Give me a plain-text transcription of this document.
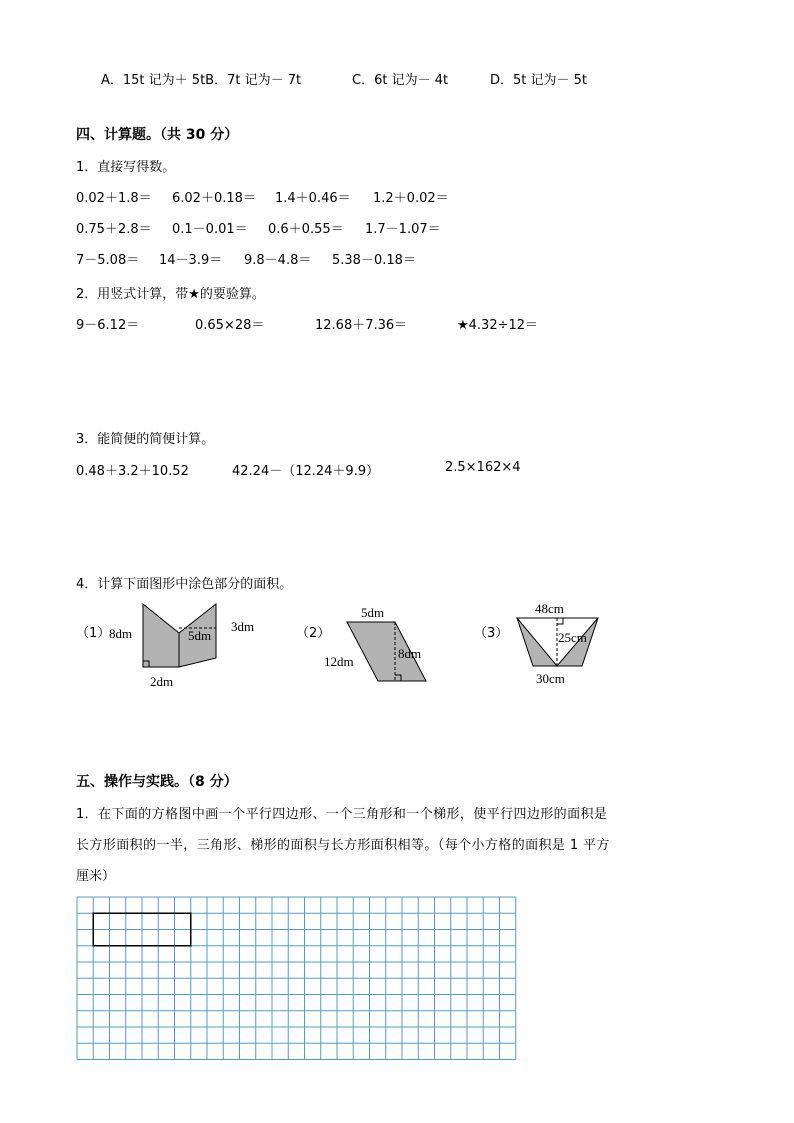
A．15t 记为＋ 5tB．7t 记为－ 7t	C．6t 记为－ 4t	D．5t 记为－ 5t
四、计算题。（共 30 分）
1．直接写得数。
0.02＋1.8＝ 6.02＋0.18＝ 1.4＋0.46＝ 1.2＋0.02＝
0.75＋2.8＝ 0.1－0.01＝ 0.6＋0.55＝ 1.7－1.07＝
7－5.08＝ 14－3.9＝ 9.8－4.8＝ 5.38－0.18＝
2．用竖式计算，带★的要验算。
9－6.12＝	0.65×28＝	12.68＋7.36＝	★4.32÷12＝
3．能简便的简便计算。
0.48＋3.2＋10.52	42.24－（12.24＋9.9）	2.5×162×4
4．计算下面图形中涂色部分的面积。
（1）
8dm	5dm
3dm
2dm
（2）
5dm
8dm
12dm
（3）
48cm
25cm
30cm
五、操作与实践。（8 分）
1．在下面的方格图中画一个平行四边形、一个三角形和一个梯形，使平行四边形的面积是
长方形面积的一半，三角形、梯形的面积与长方形面积相等。（每个小方格的面积是 1 平方
厘米）
